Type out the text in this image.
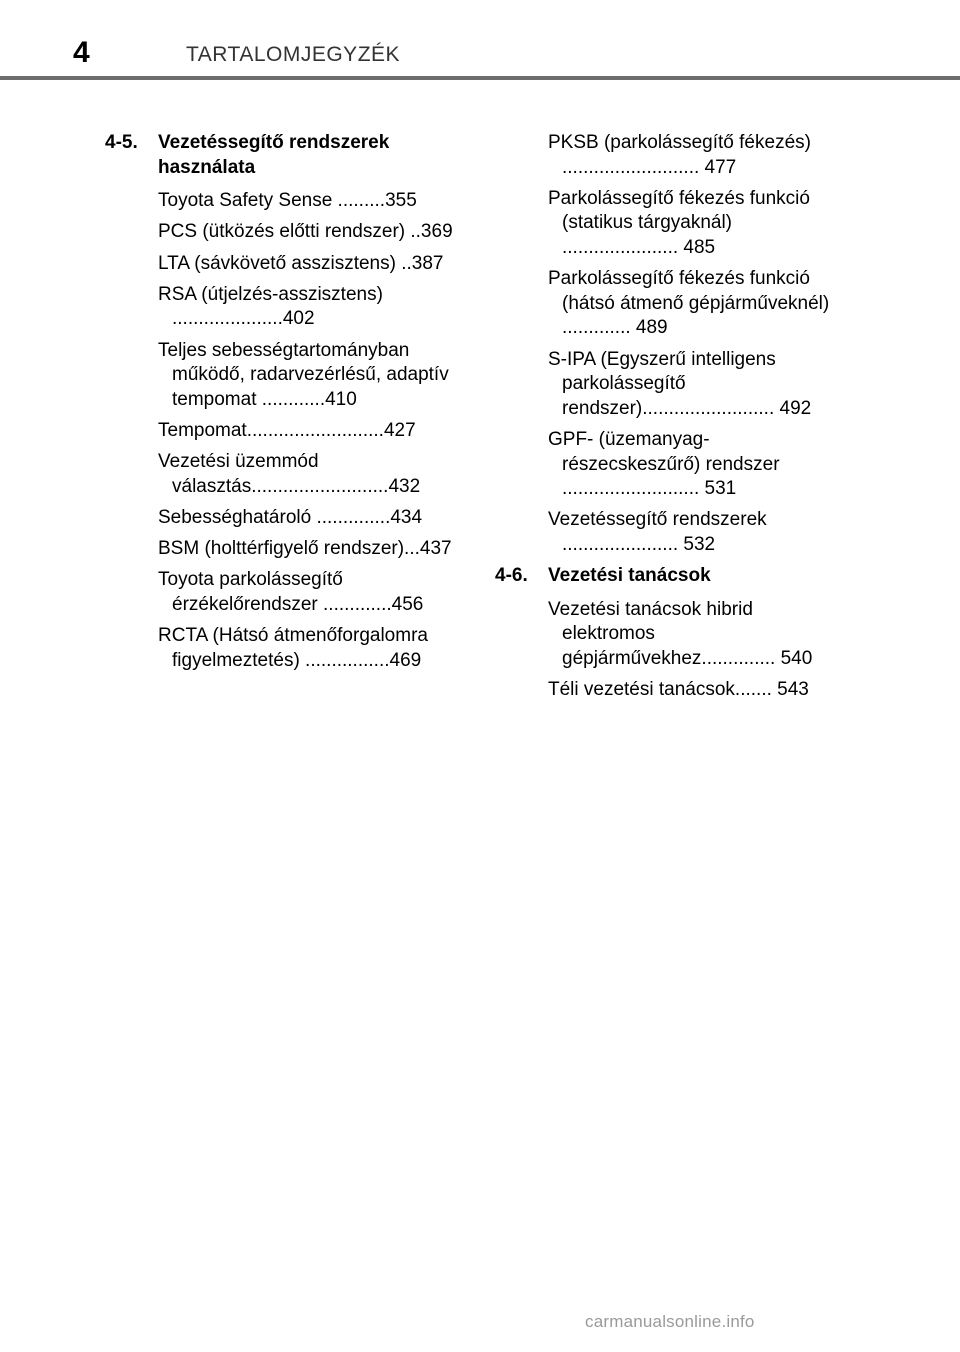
4	TARTALOMJEGYZÉK
4-5. Vezetéssegítő rendszerek használata
Toyota Safety Sense .........355
PCS (ütközés előtti rendszer) ..369
LTA (sávkövető asszisztens) ..387
RSA (útjelzés-asszisztens) .....................402
Teljes sebességtartományban működő, radarvezérlésű, adaptív tempomat ............410
Tempomat..........................427
Vezetési üzemmód választás..........................432
Sebességhatároló ..............434
BSM (holttérfigyelő rendszer)...437
Toyota parkolássegítő érzékelőrendszer .............456
RCTA (Hátsó átmenőforgalomra figyelmeztetés) ................469
PKSB (parkolássegítő fékezés) .......................... 477
Parkolássegítő fékezés funkció (statikus tárgyaknál) ...................... 485
Parkolássegítő fékezés funkció (hátsó átmenő gépjárműveknél) ............. 489
S-IPA (Egyszerű intelligens parkolássegítő rendszer)......................... 492
GPF- (üzemanyag-részecskeszűrő) rendszer .......................... 531
Vezetéssegítő rendszerek ...................... 532
4-6. Vezetési tanácsok
Vezetési tanácsok hibrid elektromos gépjárművekhez.............. 540
Téli vezetési tanácsok....... 543
carmanualsonline.info
